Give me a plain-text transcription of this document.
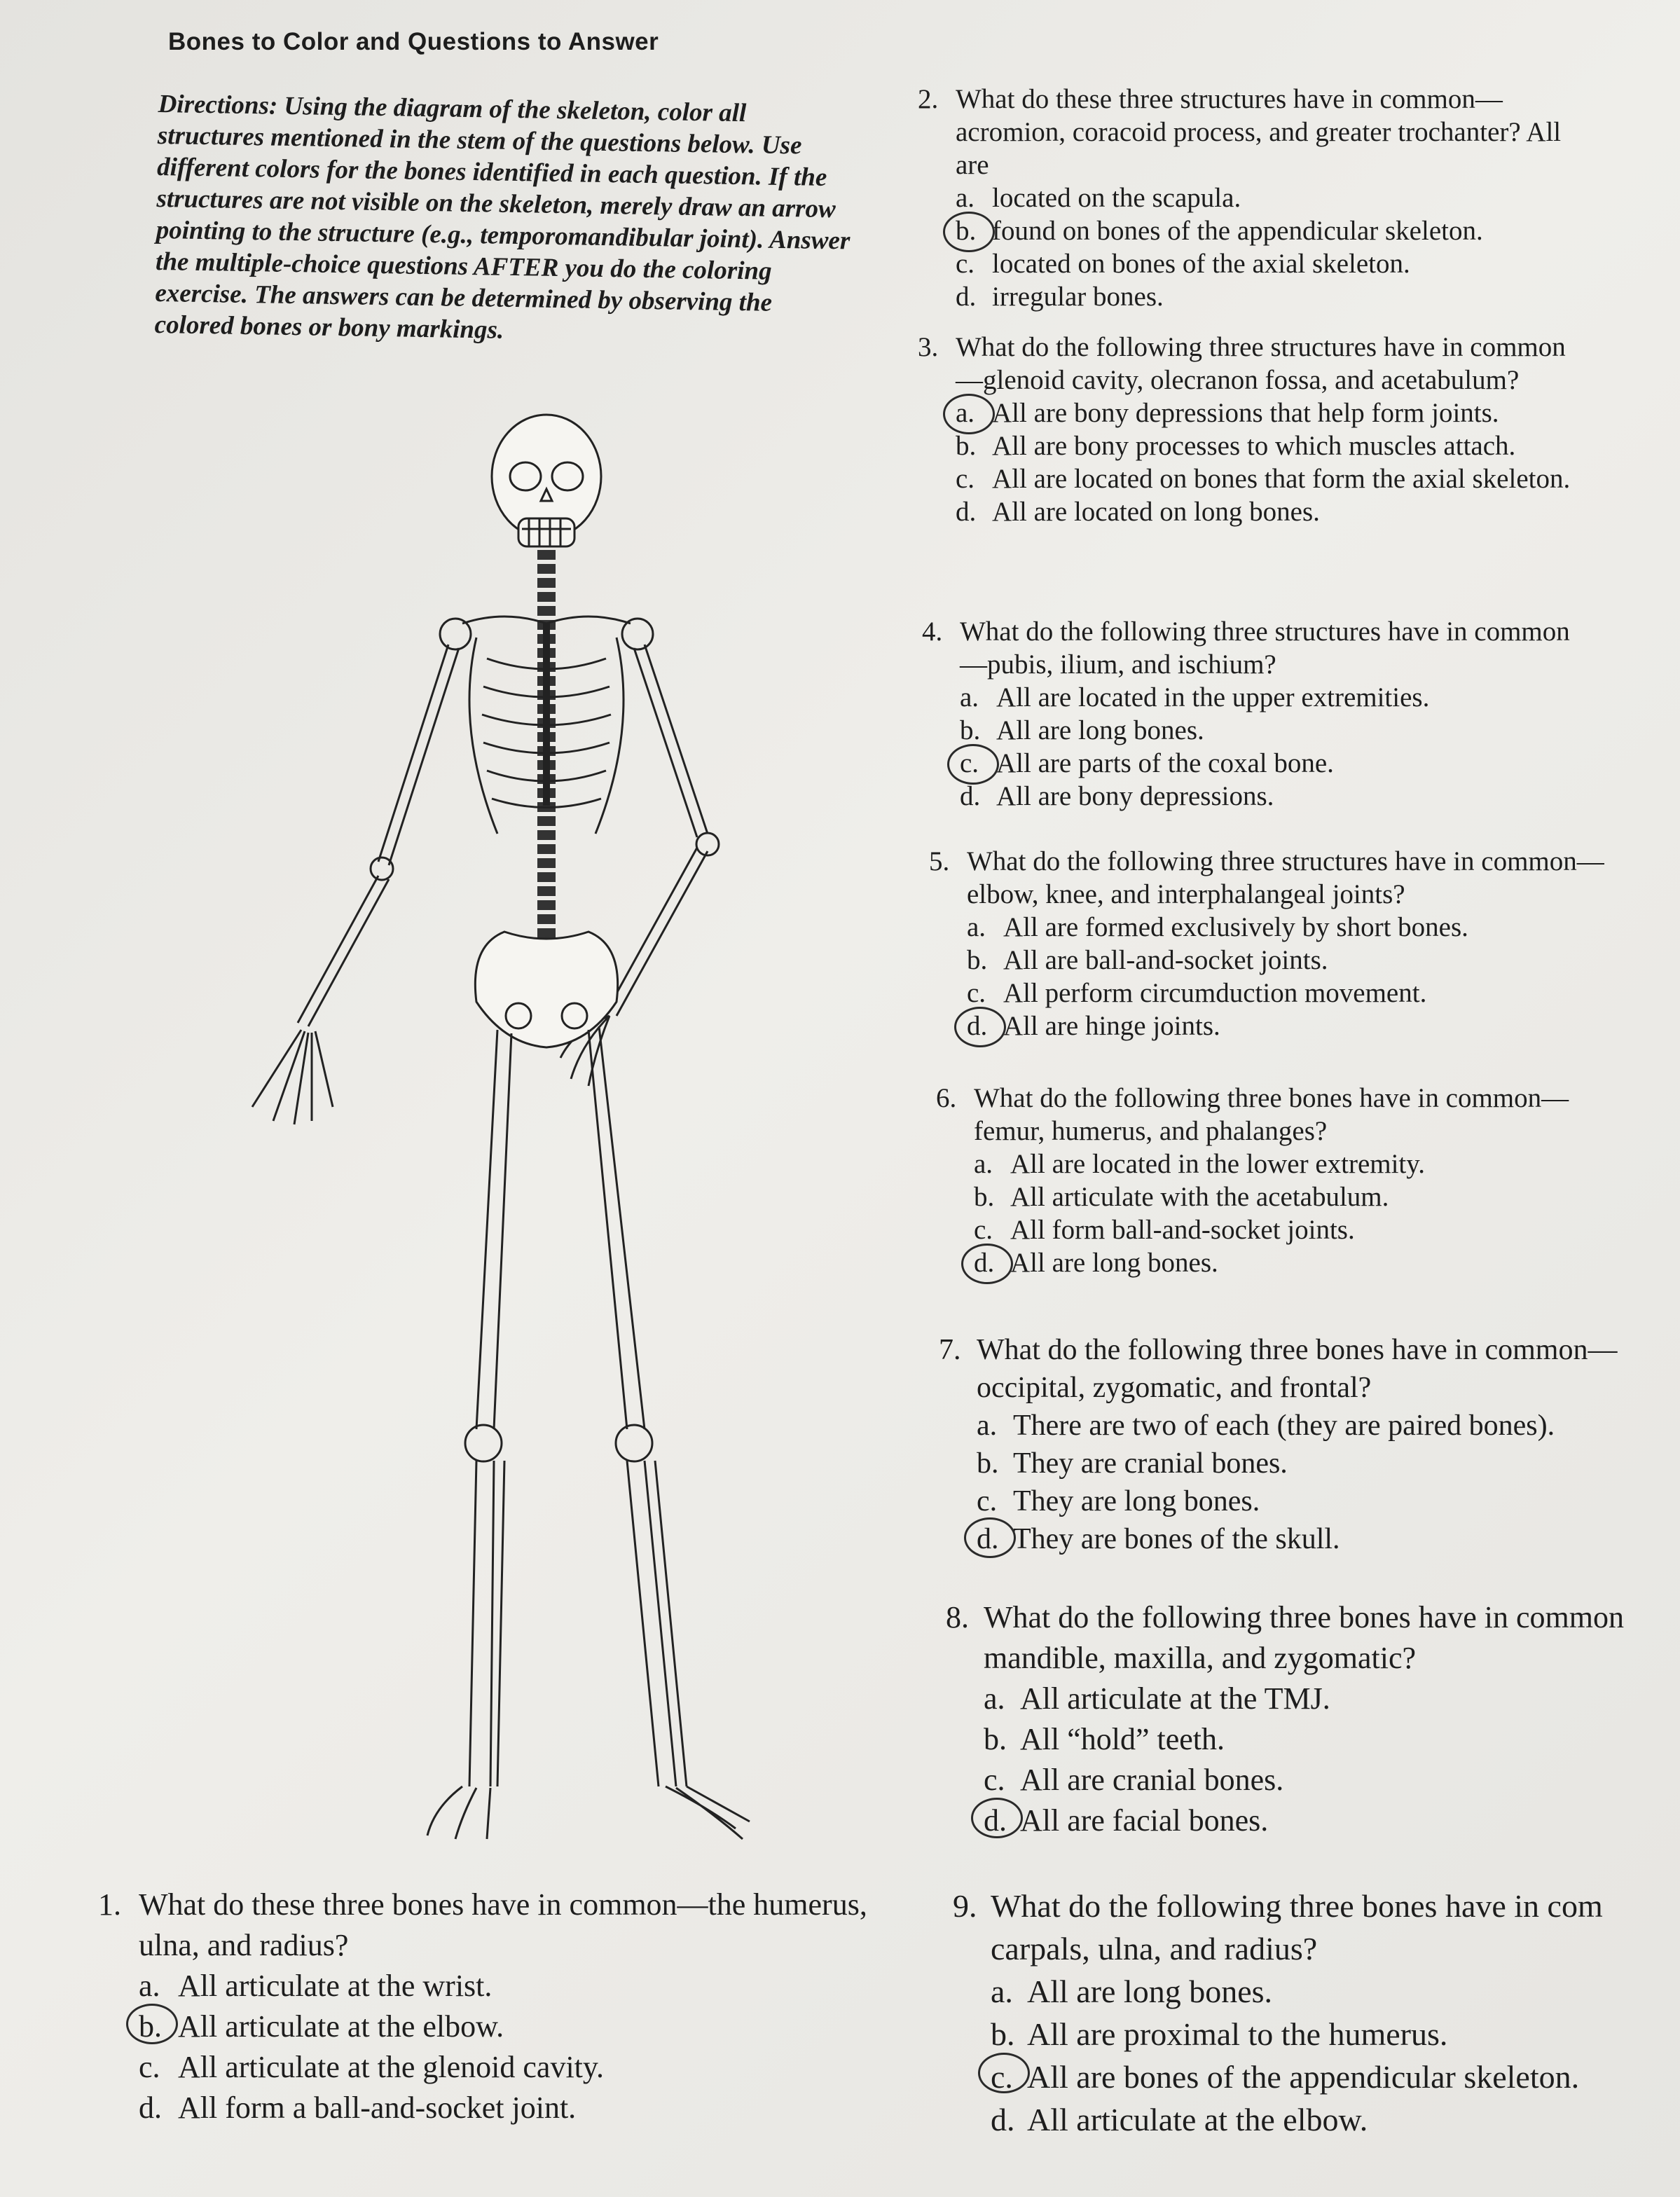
Bones to Color and Questions to Answer
Directions: Using the diagram of the skeleton, color all structures mentioned in the stem of the questions below. Use different colors for the bones identified in each question. If the structures are not visible on the skeleton, merely draw an arrow pointing to the structure (e.g., temporomandibular joint). Answer the multiple-choice questions AFTER you do the coloring exercise. The answers can be determined by observing the colored bones or bony markings.
1. What do these three bones have in common—the humerus, ulna, and radius?
a. All articulate at the wrist.
b. All articulate at the elbow.
c. All articulate at the glenoid cavity.
d. All form a ball-and-socket joint.
2. What do these three structures have in common—acromion, coracoid process, and greater trochanter? All are
a. located on the scapula.
b. found on bones of the appendicular skeleton.
c. located on bones of the axial skeleton.
d. irregular bones.
3. What do the following three structures have in common—glenoid cavity, olecranon fossa, and acetabulum?
a. All are bony depressions that help form joints.
b. All are bony processes to which muscles attach.
c. All are located on bones that form the axial skeleton.
d. All are located on long bones.
4. What do the following three structures have in common—pubis, ilium, and ischium?
a. All are located in the upper extremities.
b. All are long bones.
c. All are parts of the coxal bone.
d. All are bony depressions.
5. What do the following three structures have in common—elbow, knee, and interphalangeal joints?
a. All are formed exclusively by short bones.
b. All are ball-and-socket joints.
c. All perform circumduction movement.
d. All are hinge joints.
6. What do the following three bones have in common—femur, humerus, and phalanges?
a. All are located in the lower extremity.
b. All articulate with the acetabulum.
c. All form ball-and-socket joints.
d. All are long bones.
7. What do the following three bones have in common—occipital, zygomatic, and frontal?
a. There are two of each (they are paired bones).
b. They are cranial bones.
c. They are long bones.
d. They are bones of the skull.
8. What do the following three bones have in common mandible, maxilla, and zygomatic?
a. All articulate at the TMJ.
b. All “hold” teeth.
c. All are cranial bones.
d. All are facial bones.
9. What do the following three bones have in com carpals, ulna, and radius?
a. All are long bones.
b. All are proximal to the humerus.
c. All are bones of the appendicular skeleton.
d. All articulate at the elbow.
